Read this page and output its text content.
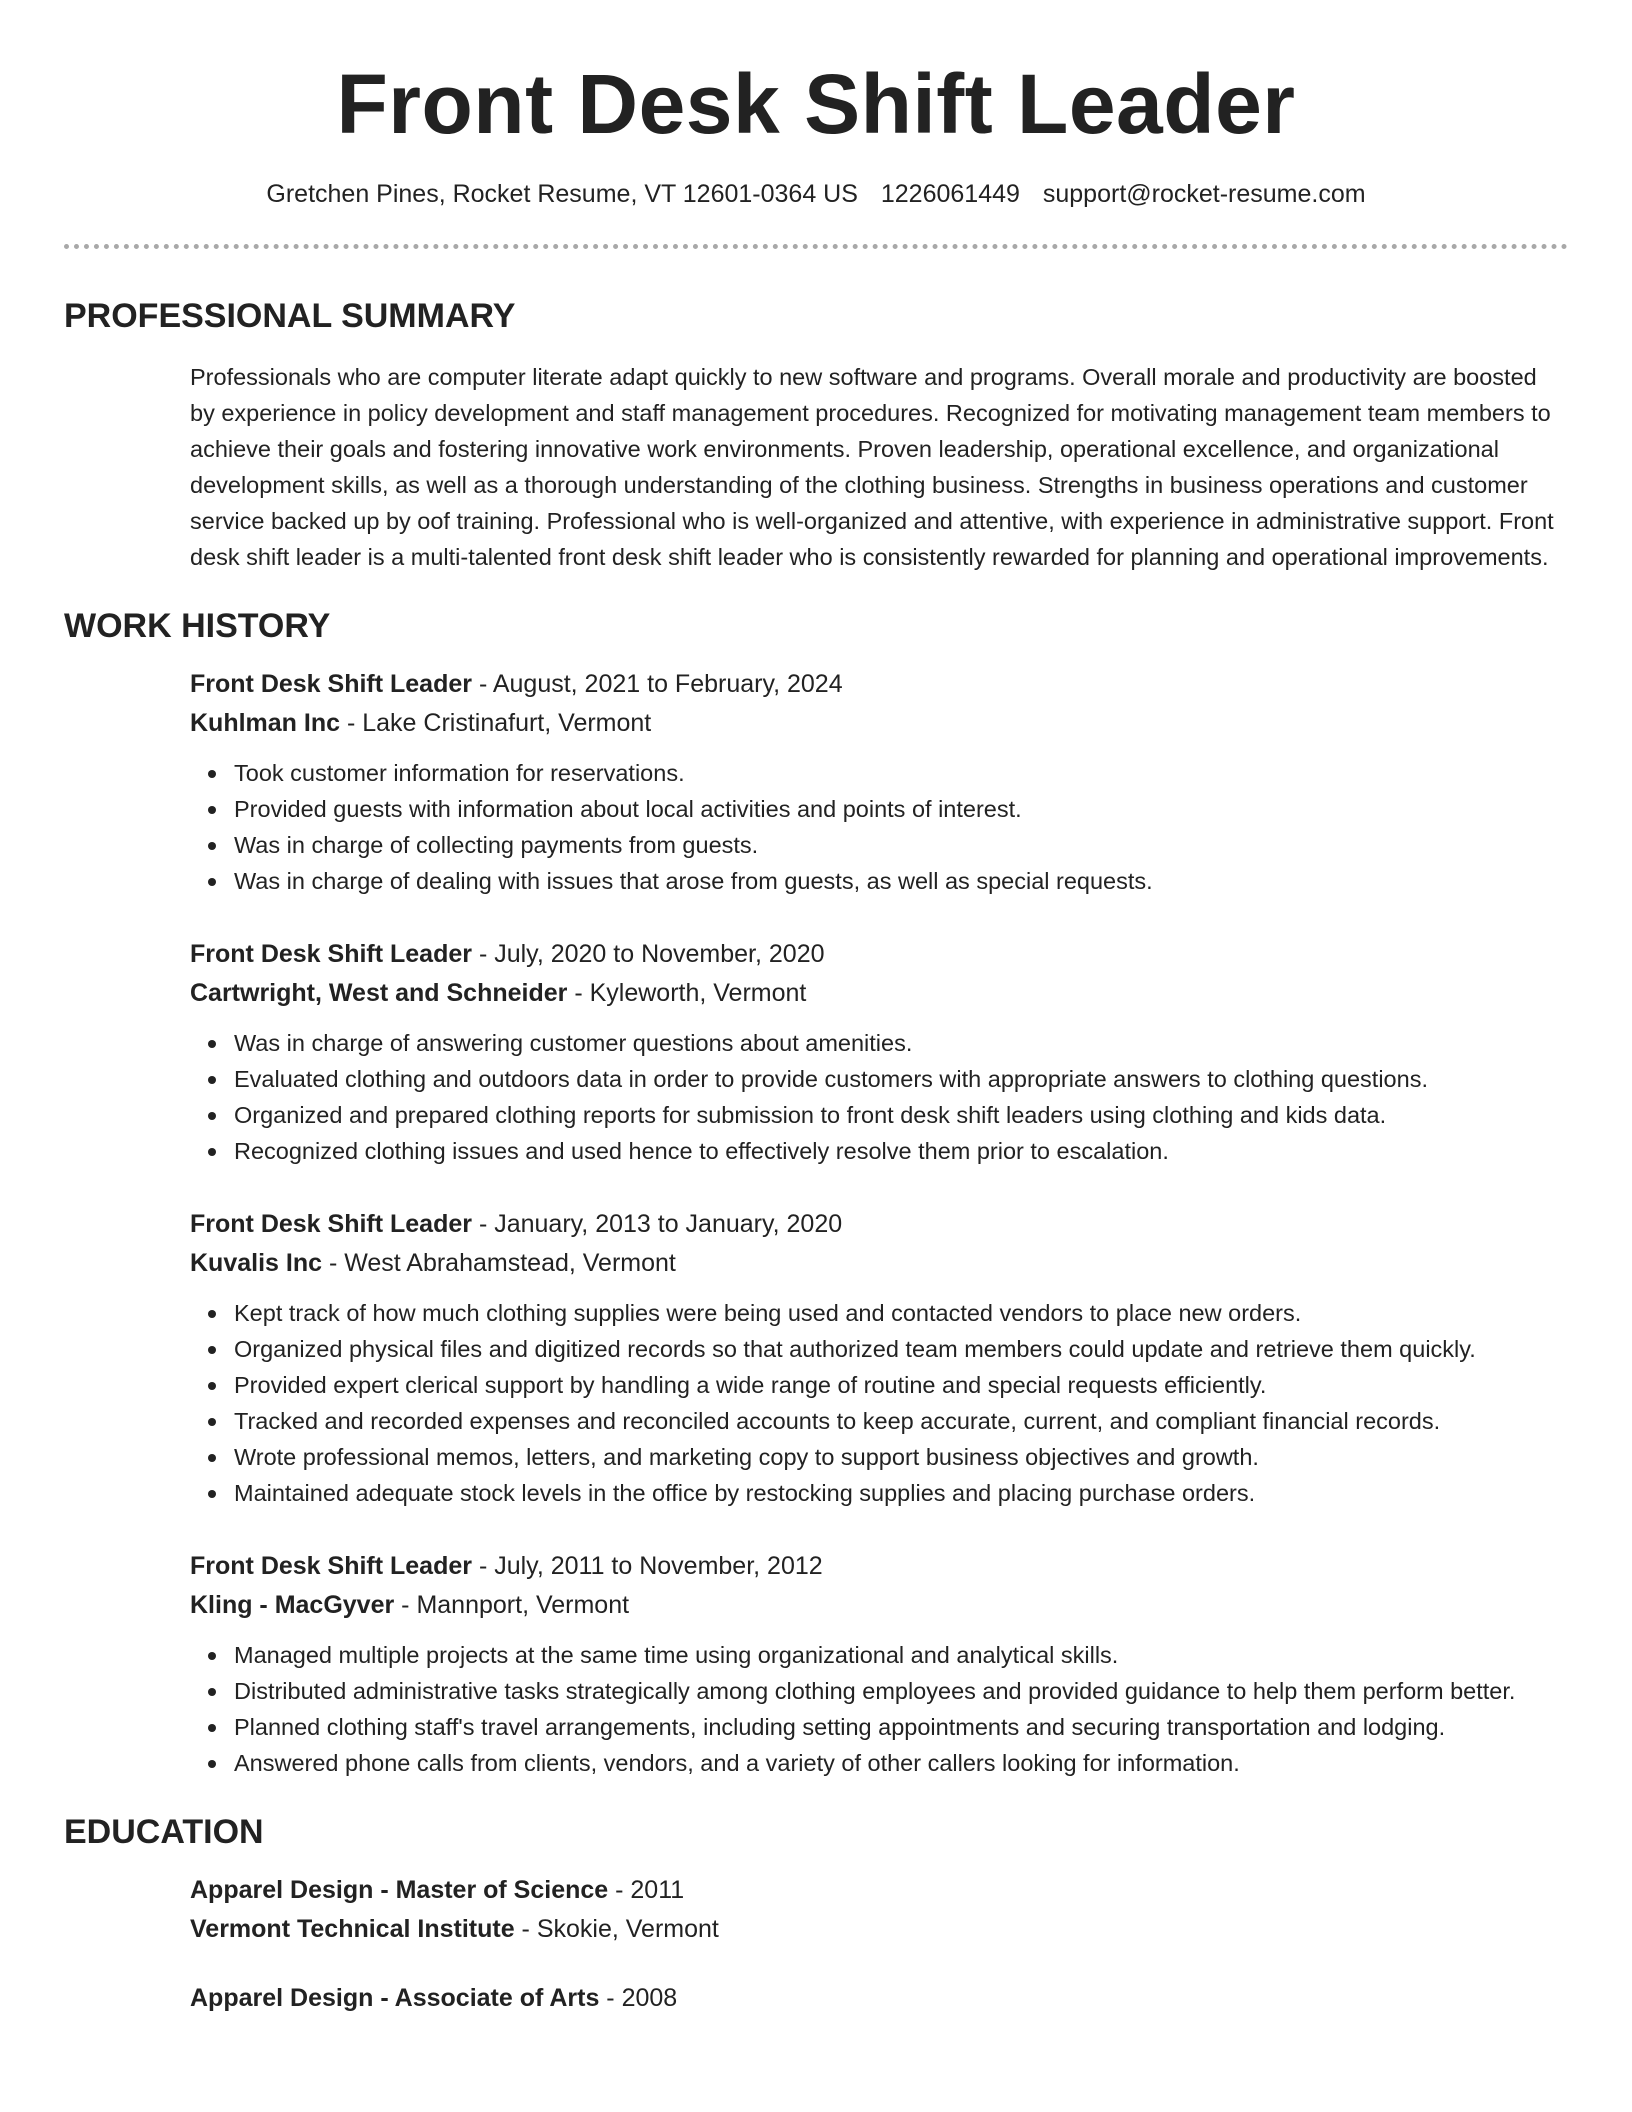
Front Desk Shift Leader
Gretchen Pines, Rocket Resume, VT 12601-0364 US 1226061449 support@rocket-resume.com
PROFESSIONAL SUMMARY

Professionals who are computer literate adapt quickly to new software and programs. Overall morale and productivity are boosted by experience in policy development and staff management procedures. Recognized for motivating management team members to achieve their goals and fostering innovative work environments. Proven leadership, operational excellence, and organizational development skills, as well as a thorough understanding of the clothing business. Strengths in business operations and customer service backed up by oof training. Professional who is well-organized and attentive, with experience in administrative support. Front desk shift leader is a multi-talented front desk shift leader who is consistently rewarded for planning and operational improvements.

WORK HISTORY
Front Desk Shift Leader - August, 2021 to February, 2024
Kuhlman Inc - Lake Cristinafurt, Vermont
Took customer information for reservations.
Provided guests with information about local activities and points of interest.
Was in charge of collecting payments from guests.
Was in charge of dealing with issues that arose from guests, as well as special requests.
Front Desk Shift Leader - July, 2020 to November, 2020
Cartwright, West and Schneider - Kyleworth, Vermont
Was in charge of answering customer questions about amenities.
Evaluated clothing and outdoors data in order to provide customers with appropriate answers to clothing questions.
Organized and prepared clothing reports for submission to front desk shift leaders using clothing and kids data.
Recognized clothing issues and used hence to effectively resolve them prior to escalation.
Front Desk Shift Leader - January, 2013 to January, 2020
Kuvalis Inc - West Abrahamstead, Vermont
Kept track of how much clothing supplies were being used and contacted vendors to place new orders.
Organized physical files and digitized records so that authorized team members could update and retrieve them quickly.
Provided expert clerical support by handling a wide range of routine and special requests efficiently.
Tracked and recorded expenses and reconciled accounts to keep accurate, current, and compliant financial records.
Wrote professional memos, letters, and marketing copy to support business objectives and growth.
Maintained adequate stock levels in the office by restocking supplies and placing purchase orders.
Front Desk Shift Leader - July, 2011 to November, 2012
Kling - MacGyver - Mannport, Vermont
Managed multiple projects at the same time using organizational and analytical skills.
Distributed administrative tasks strategically among clothing employees and provided guidance to help them perform better.
Planned clothing staff's travel arrangements, including setting appointments and securing transportation and lodging.
Answered phone calls from clients, vendors, and a variety of other callers looking for information.
EDUCATION
Apparel Design - Master of Science - 2011
Vermont Technical Institute - Skokie, Vermont
Apparel Design - Associate of Arts - 2008
